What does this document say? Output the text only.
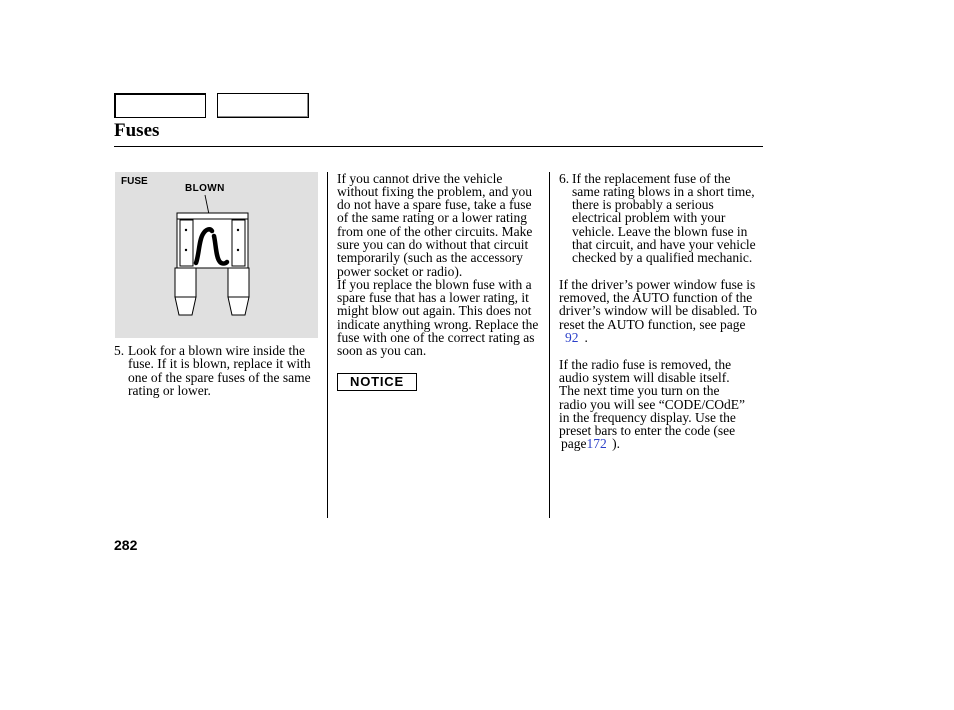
Fuses
FUSE
BLOWN
5. Look for a blown wire inside the
fuse. If it is blown, replace it with
one of the spare fuses of the same
rating or lower.
If you cannot drive the vehicle
without fixing the problem, and you
do not have a spare fuse, take a fuse
of the same rating or a lower rating
from one of the other circuits. Make
sure you can do without that circuit
temporarily (such as the accessory
power socket or radio).
If you replace the blown fuse with a
spare fuse that has a lower rating, it
might blow out again. This does not
indicate anything wrong. Replace the
fuse with one of the correct rating as
soon as you can.
NOTICE
6. If the replacement fuse of the
same rating blows in a short time,
there is probably a serious
electrical problem with your
vehicle. Leave the blown fuse in
that circuit, and have your vehicle
checked by a qualified mechanic.
If the driver’s power window fuse is
removed, the AUTO function of the
driver’s window will be disabled. To
reset the AUTO function, see page
92 .
If the radio fuse is removed, the
audio system will disable itself.
The next time you turn on the
radio you will see “CODE/COdE”
in the frequency display. Use the
preset bars to enter the code (see
page172 ).
282
